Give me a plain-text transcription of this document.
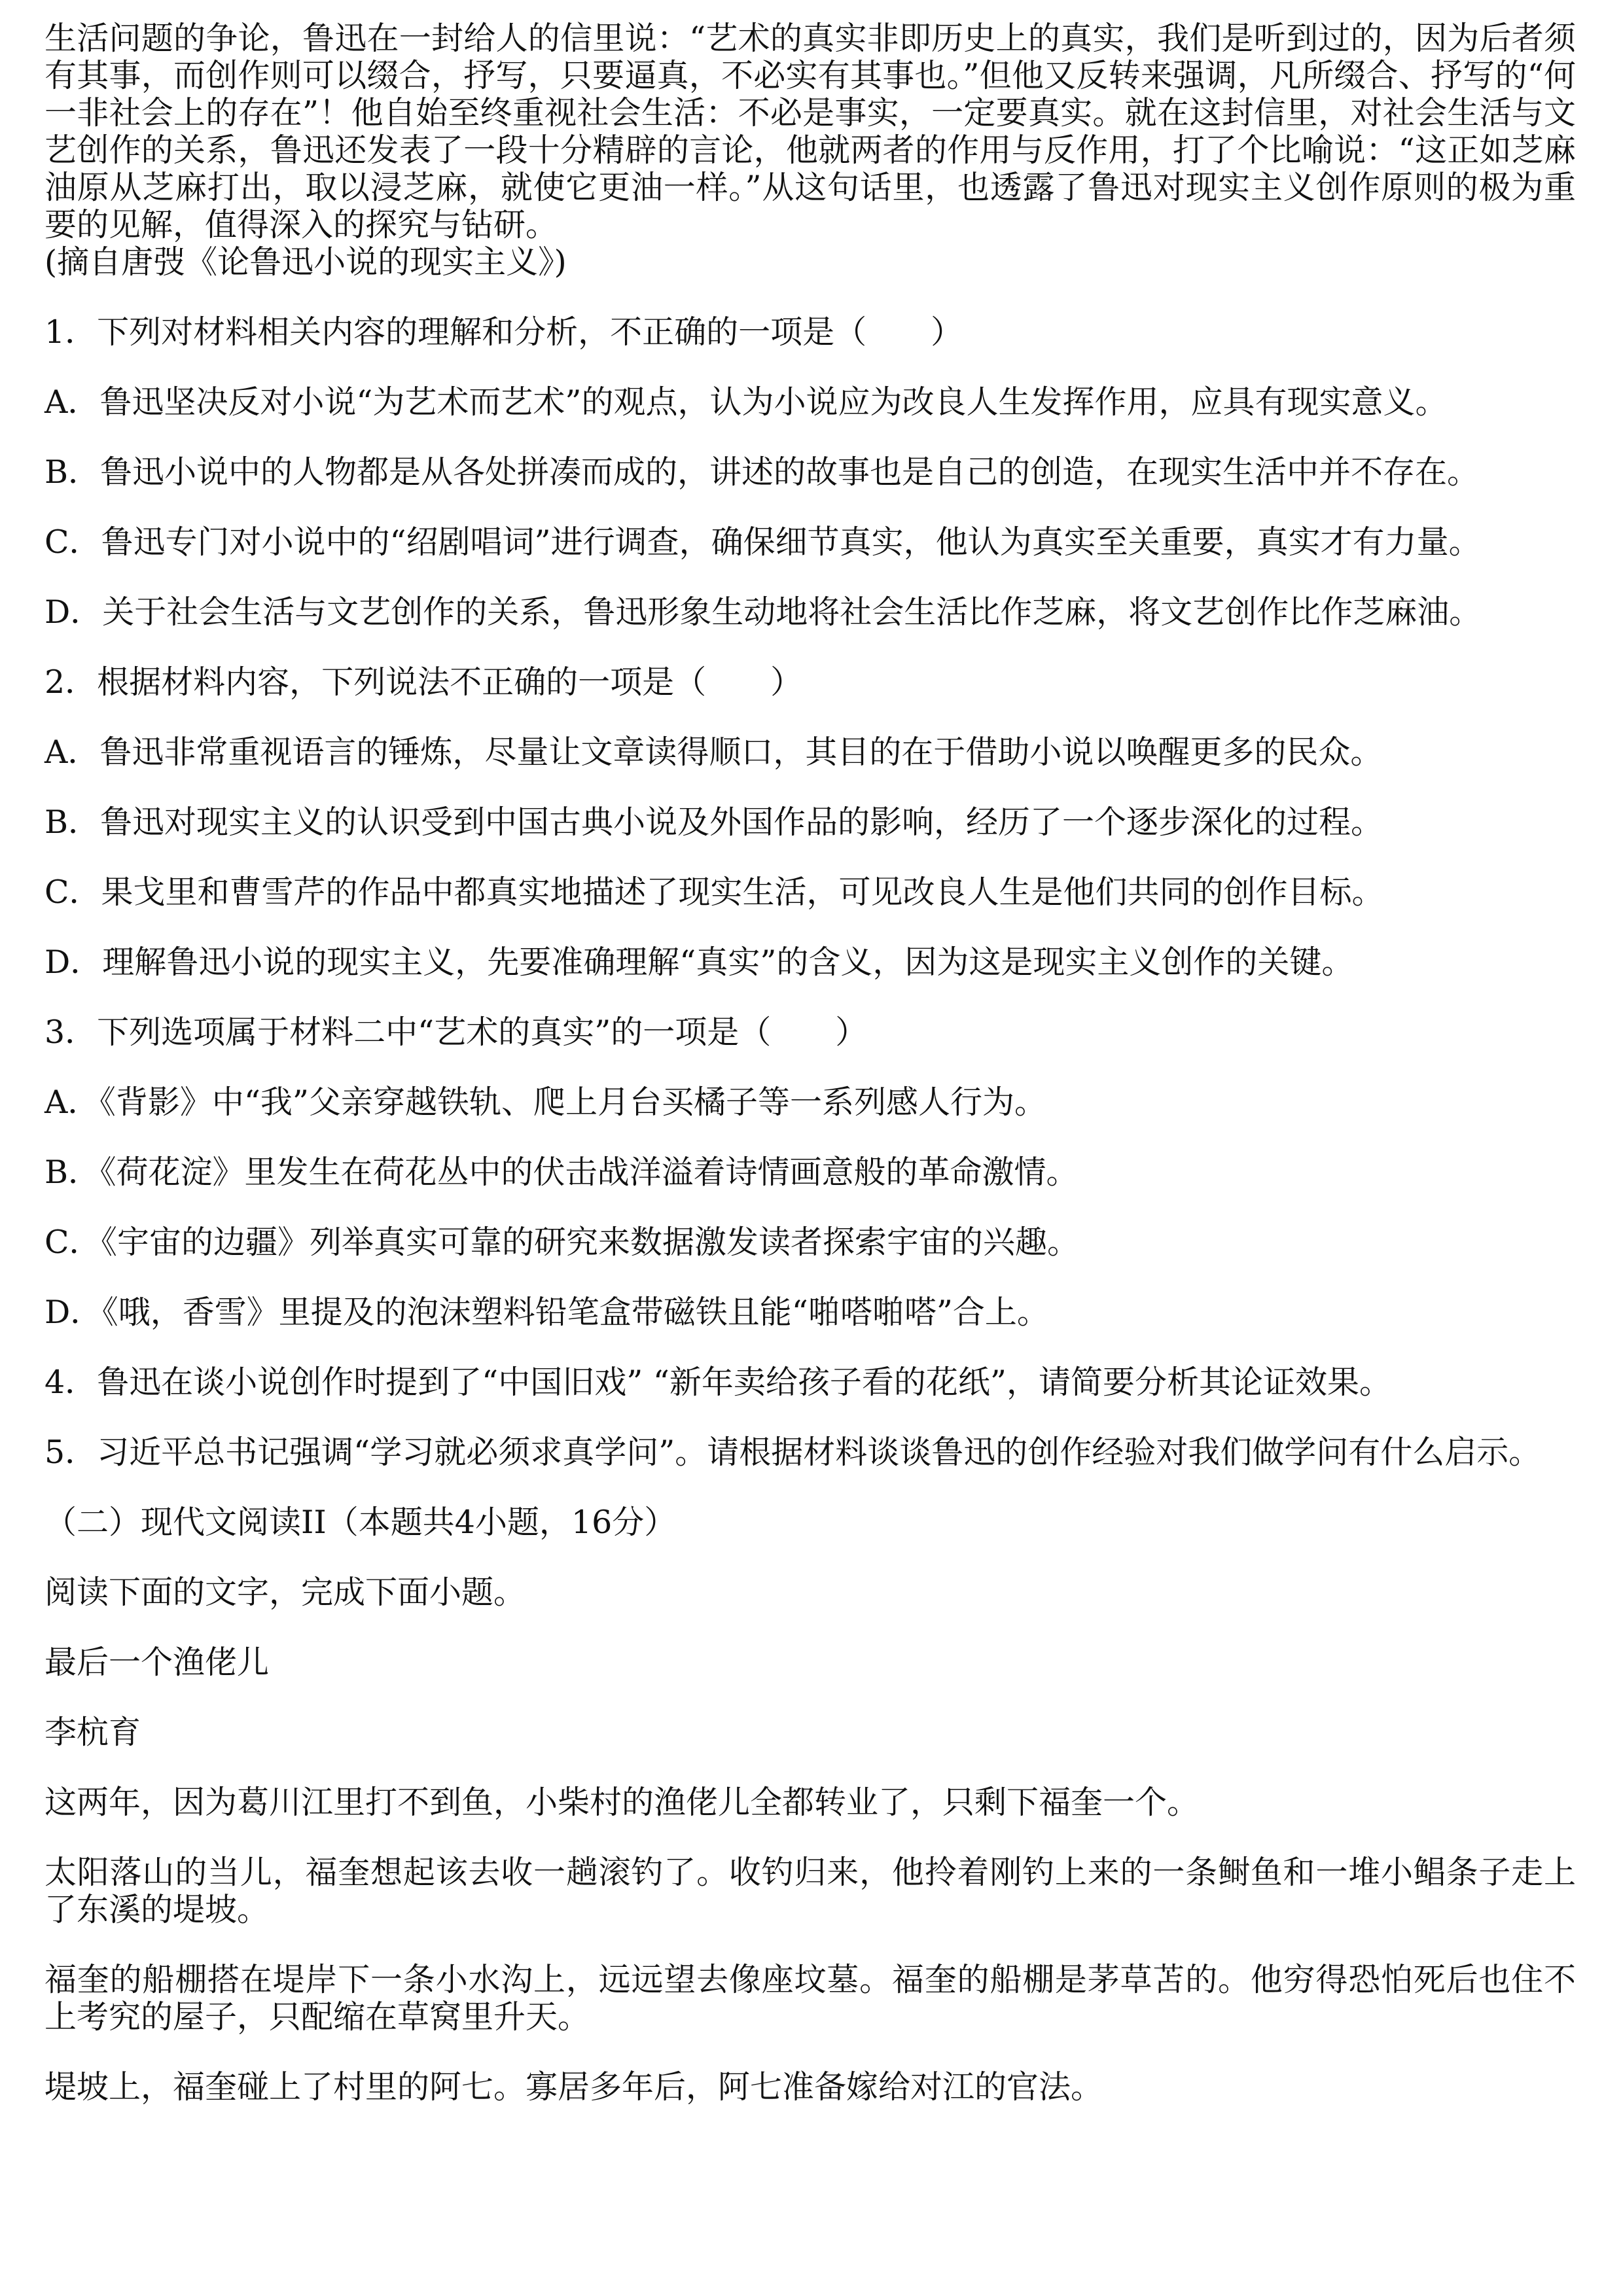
生活问题的争论，鲁迅在一封给人的信里说：“艺术的真实非即历史上的真实，我们是听到过的，因为后者须有其事，而创作则可以缀合，抒写，只要逼真，不必实有其事也。”但他又反转来强调，凡所缀合、抒写的“何一非社会上的存在”！他自始至终重视社会生活：不必是事实，一定要真实。就在这封信里，对社会生活与文艺创作的关系，鲁迅还发表了一段十分精辟的言论，他就两者的作用与反作用，打了个比喻说：“这正如芝麻油原从芝麻打出，取以浸芝麻，就使它更油一样。”从这句话里，也透露了鲁迅对现实主义创作原则的极为重要的见解，值得深入的探究与钻研。

(摘自唐弢《论鲁迅小说的现实主义》)

1．下列对材料相关内容的理解和分析，不正确的一项是（　　）

A．鲁迅坚决反对小说“为艺术而艺术”的观点，认为小说应为改良人生发挥作用，应具有现实意义。

B．鲁迅小说中的人物都是从各处拼凑而成的，讲述的故事也是自己的创造，在现实生活中并不存在。

C．鲁迅专门对小说中的“绍剧唱词”进行调查，确保细节真实，他认为真实至关重要，真实才有力量。

D．关于社会生活与文艺创作的关系，鲁迅形象生动地将社会生活比作芝麻，将文艺创作比作芝麻油。

2．根据材料内容，下列说法不正确的一项是（　　）

A．鲁迅非常重视语言的锤炼，尽量让文章读得顺口，其目的在于借助小说以唤醒更多的民众。

B．鲁迅对现实主义的认识受到中国古典小说及外国作品的影响，经历了一个逐步深化的过程。

C．果戈里和曹雪芹的作品中都真实地描述了现实生活，可见改良人生是他们共同的创作目标。

D．理解鲁迅小说的现实主义，先要准确理解“真实”的含义，因为这是现实主义创作的关键。

3．下列选项属于材料二中“艺术的真实”的一项是（　　）

A．《背影》中“我”父亲穿越铁轨、爬上月台买橘子等一系列感人行为。

B．《荷花淀》里发生在荷花丛中的伏击战洋溢着诗情画意般的革命激情。

C．《宇宙的边疆》列举真实可靠的研究来数据激发读者探索宇宙的兴趣。

D．《哦，香雪》里提及的泡沫塑料铅笔盒带磁铁且能“啪嗒啪嗒”合上。

4．鲁迅在谈小说创作时提到了“中国旧戏” “新年卖给孩子看的花纸”，请简要分析其论证效果。

5．习近平总书记强调“学习就必须求真学问”。请根据材料谈谈鲁迅的创作经验对我们做学问有什么启示。

（二）现代文阅读II（本题共4小题，16分）

阅读下面的文字，完成下面小题。

最后一个渔佬儿

李杭育

这两年，因为葛川江里打不到鱼，小柴村的渔佬儿全都转业了，只剩下福奎一个。

太阳落山的当儿，福奎想起该去收一趟滚钓了。收钓归来，他拎着刚钓上来的一条鲥鱼和一堆小鲳条子走上了东溪的堤坡。

福奎的船棚搭在堤岸下一条小水沟上，远远望去像座坟墓。福奎的船棚是茅草苫的。他穷得恐怕死后也住不上考究的屋子，只配缩在草窝里升天。

堤坡上，福奎碰上了村里的阿七。寡居多年后，阿七准备嫁给对江的官法。
